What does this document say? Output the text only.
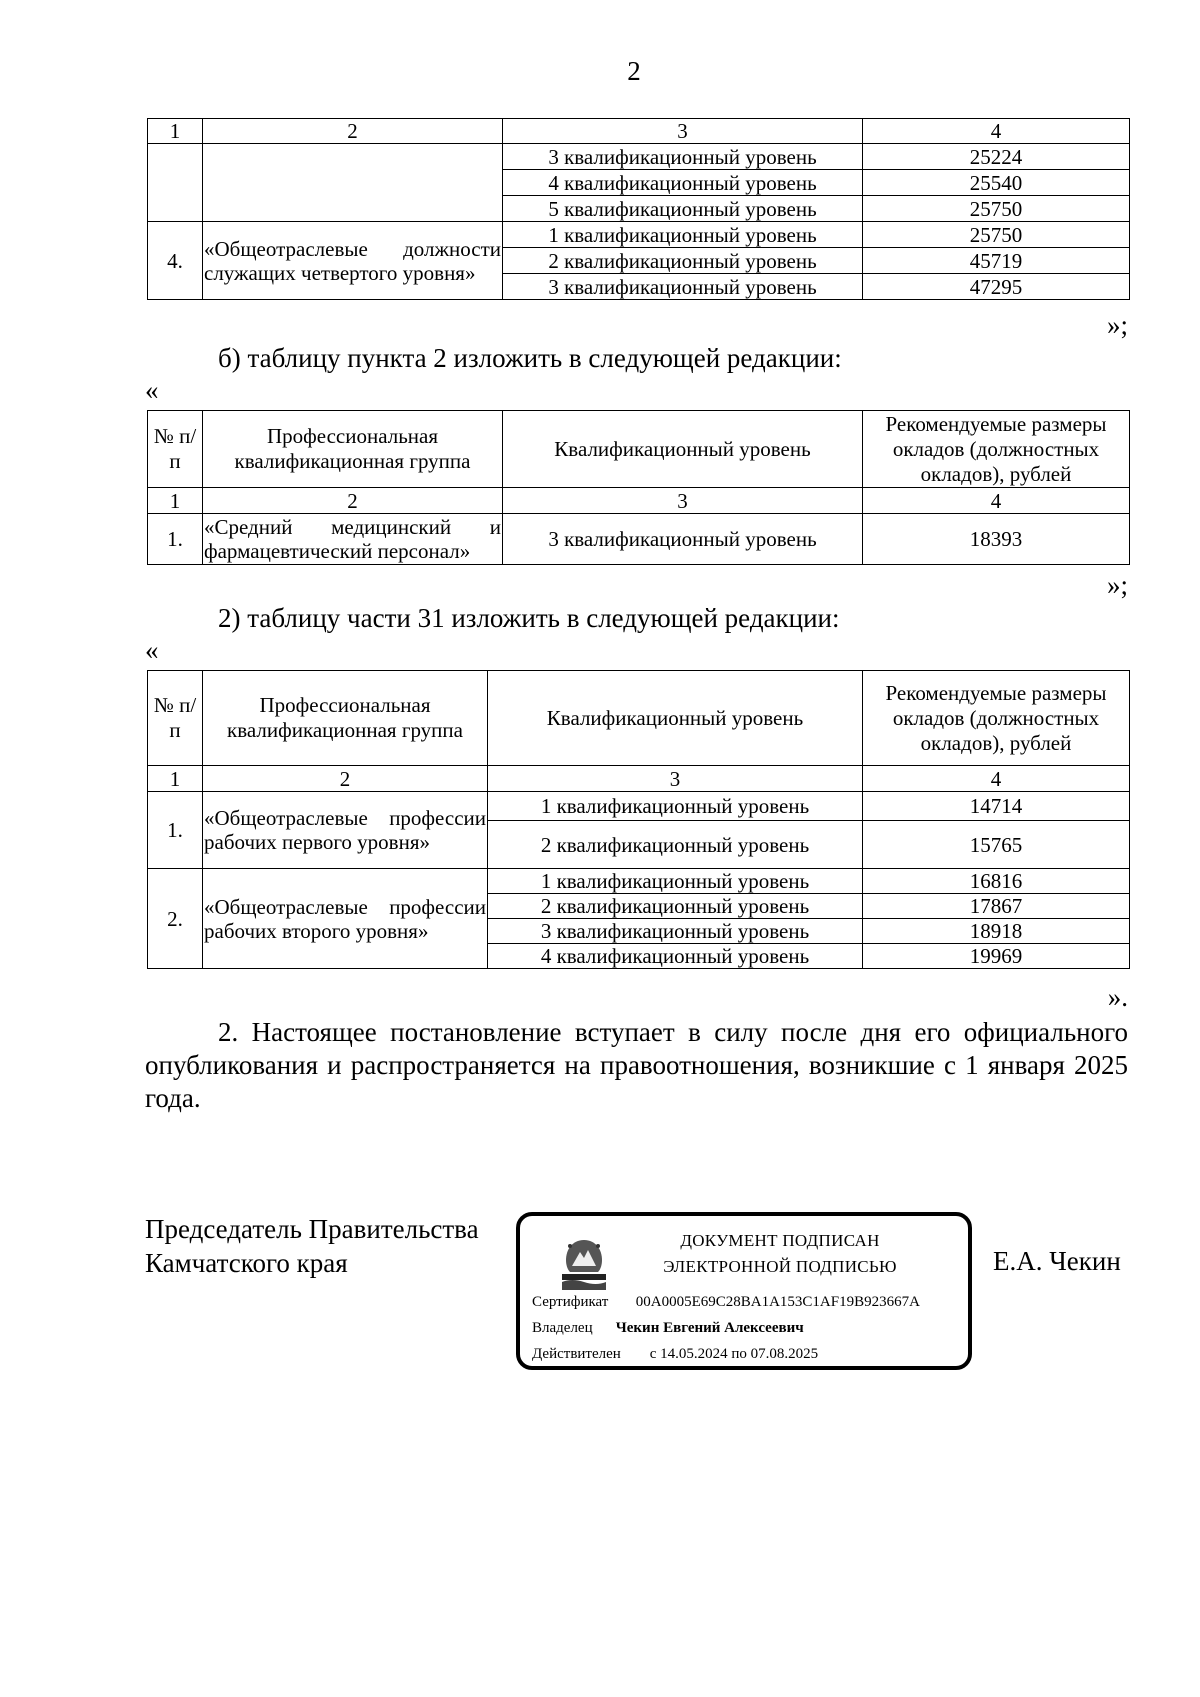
2
1	2	3	4
		3 квалификационный уровень	25224
		4 квалификационный уровень	25540
		5 квалификационный уровень	25750
4.	«Общеотраслевые должности служащих четвертого уровня»	1 квалификационный уровень	25750
		2 квалификационный уровень	45719
		3 квалификационный уровень	47295
»;
б) таблицу пункта 2 изложить в следующей редакции:
«
№ п/п	Профессиональная квалификационная группа	Квалификационный уровень	Рекомендуемые размеры окладов (должностных окладов), рублей
1	2	3	4
1.	«Средний медицинский и фармацевтический персонал»	3 квалификационный уровень	18393
»;
2) таблицу части 31 изложить в следующей редакции:
«
№ п/п	Профессиональная квалификационная группа	Квалификационный уровень	Рекомендуемые размеры окладов (должностных окладов), рублей
1	2	3	4
1.	«Общеотраслевые профессии рабочих первого уровня»	1 квалификационный уровень	14714
		2 квалификационный уровень	15765
2.	«Общеотраслевые профессии рабочих второго уровня»	1 квалификационный уровень	16816
		2 квалификационный уровень	17867
		3 квалификационный уровень	18918
		4 квалификационный уровень	19969
».
2. Настоящее постановление вступает в силу после дня его официального опубликования и распространяется на правоотношения, возникшие с 1 января 2025 года.
Председатель Правительства
Камчатского края
ДОКУМЕНТ ПОДПИСАН
ЭЛЕКТРОННОЙ ПОДПИСЬЮ
Сертификат 00A0005E69C28BA1A153C1AF19B923667A
Владелец Чекин Евгений Алексеевич
Действителен с 14.05.2024 по 07.08.2025
Е.А. Чекин
